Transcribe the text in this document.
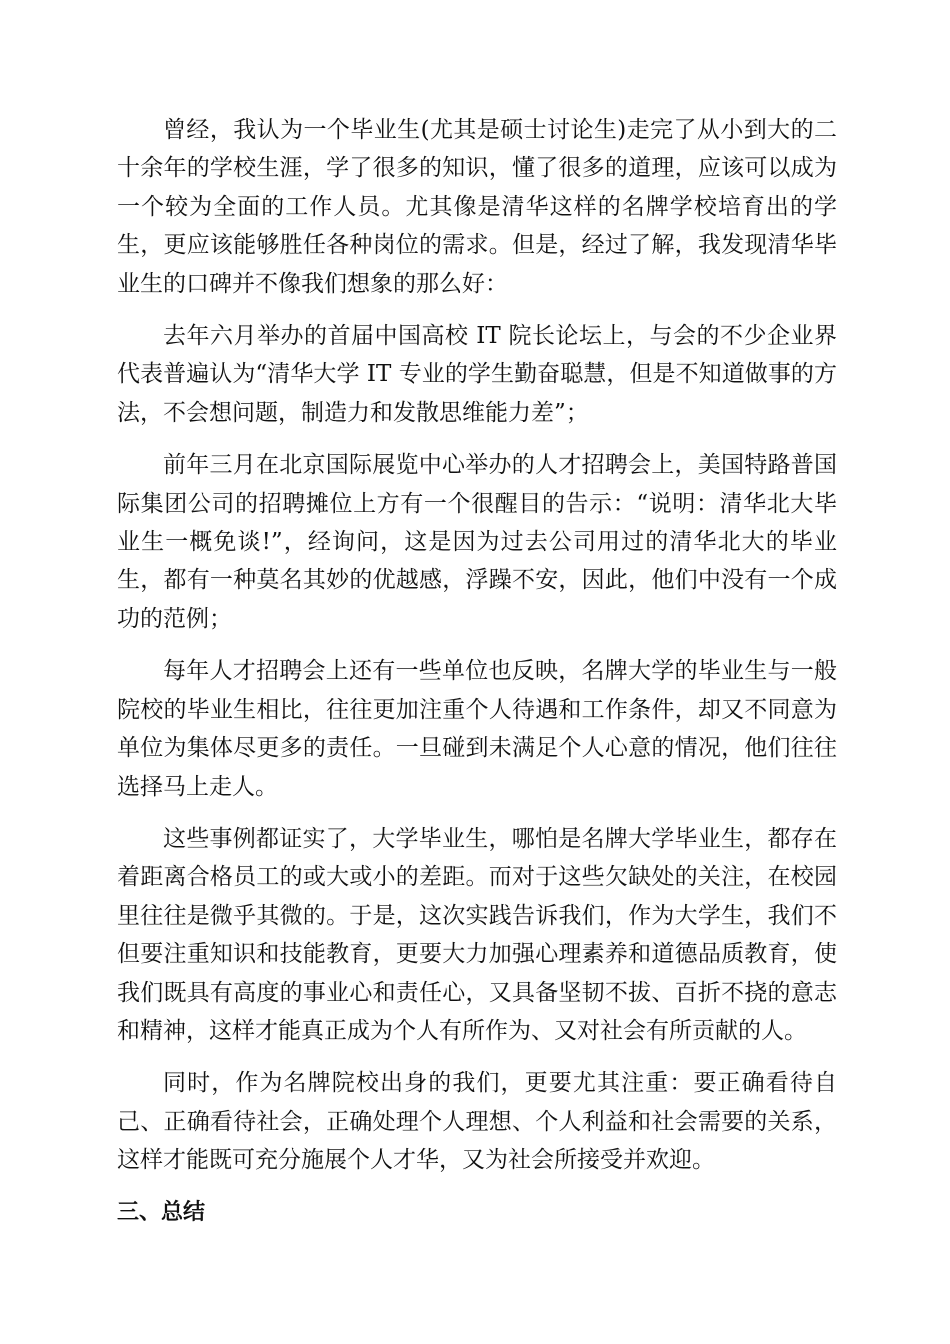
曾经，我认为一个毕业生(尤其是硕士讨论生)走完了从小到大的二十余年的学校生涯，学了很多的知识，懂了很多的道理，应该可以成为一个较为全面的工作人员。尤其像是清华这样的名牌学校培育出的学生，更应该能够胜任各种岗位的需求。但是，经过了解，我发现清华毕业生的口碑并不像我们想象的那么好：

去年六月举办的首届中国高校 IT 院长论坛上，与会的不少企业界代表普遍认为“清华大学 IT 专业的学生勤奋聪慧，但是不知道做事的方法，不会想问题，制造力和发散思维能力差”；

前年三月在北京国际展览中心举办的人才招聘会上，美国特路普国际集团公司的招聘摊位上方有一个很醒目的告示：“说明：清华北大毕业生一概免谈!”，经询问，这是因为过去公司用过的清华北大的毕业生，都有一种莫名其妙的优越感，浮躁不安，因此，他们中没有一个成功的范例；

每年人才招聘会上还有一些单位也反映，名牌大学的毕业生与一般院校的毕业生相比，往往更加注重个人待遇和工作条件，却又不同意为单位为集体尽更多的责任。一旦碰到未满足个人心意的情况，他们往往选择马上走人。

这些事例都证实了，大学毕业生，哪怕是名牌大学毕业生，都存在着距离合格员工的或大或小的差距。而对于这些欠缺处的关注，在校园里往往是微乎其微的。于是，这次实践告诉我们，作为大学生，我们不但要注重知识和技能教育，更要大力加强心理素养和道德品质教育，使我们既具有高度的事业心和责任心，又具备坚韧不拔、百折不挠的意志和精神，这样才能真正成为个人有所作为、又对社会有所贡献的人。

同时，作为名牌院校出身的我们，更要尤其注重：要正确看待自己、正确看待社会，正确处理个人理想、个人利益和社会需要的关系，这样才能既可充分施展个人才华，又为社会所接受并欢迎。

三、总结
